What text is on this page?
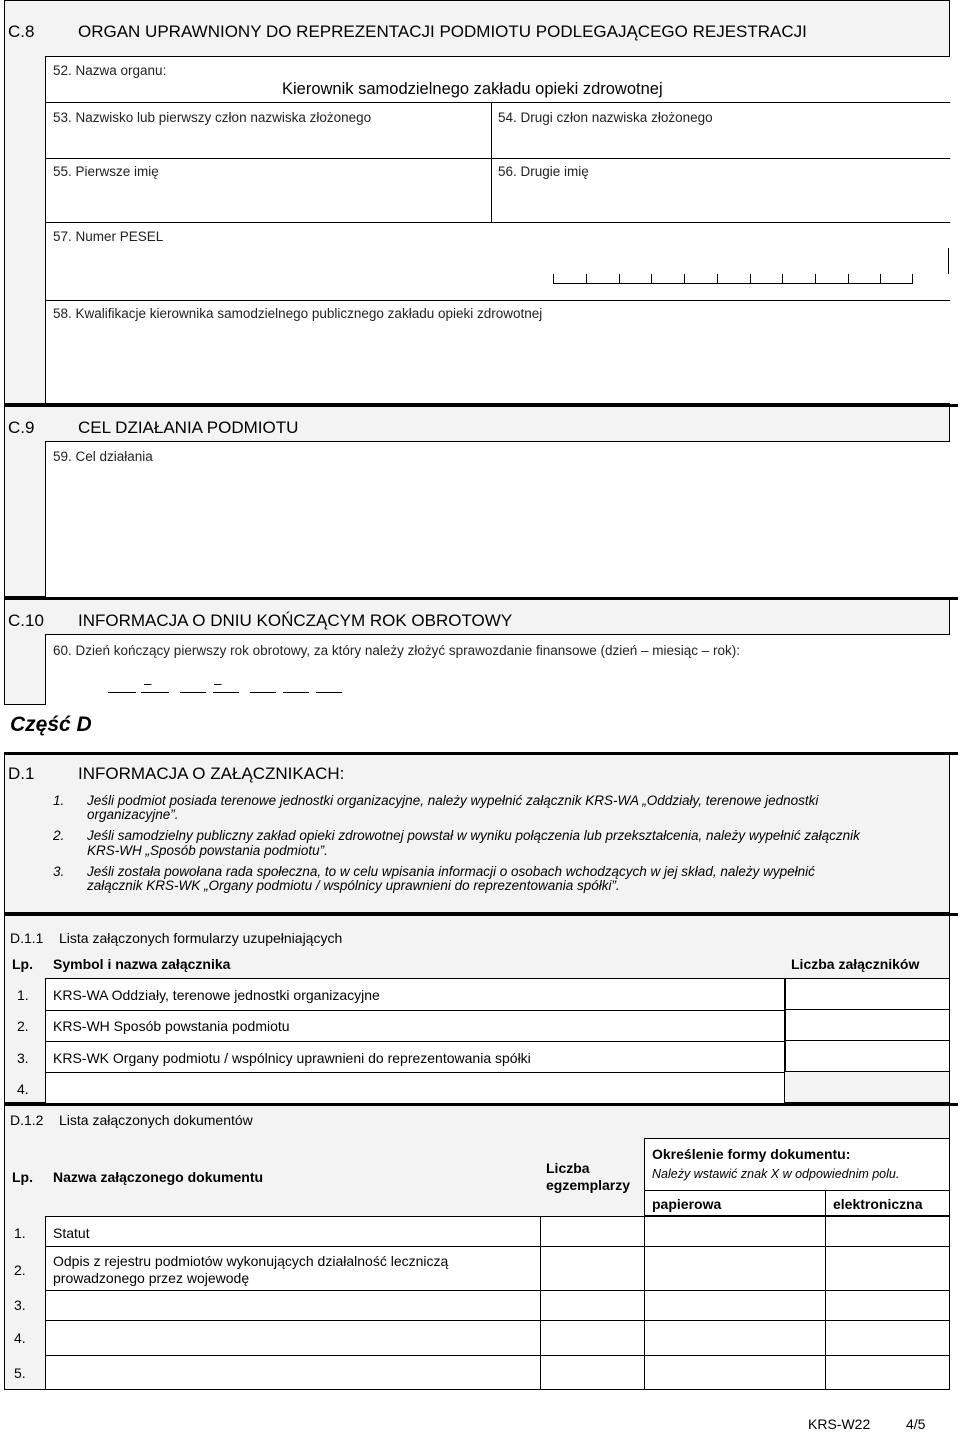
C.8	ORGAN UPRAWNIONY DO REPREZENTACJI PODMIOTU PODLEGAJĄCEGO REJESTRACJI
52. Nazwa organu:
Kierownik samodzielnego zakładu opieki zdrowotnej
53. Nazwisko lub pierwszy człon nazwiska złożonego	54. Drugi człon nazwiska złożonego
55. Pierwsze imię	56. Drugie imię
57. Numer PESEL
58. Kwalifikacje kierownika samodzielnego publicznego zakładu opieki zdrowotnej
C.9	CEL DZIAŁANIA PODMIOTU
59. Cel działania
C.10 INFORMACJA O DNIU KOŃCZĄCYM ROK OBROTOWY
60. Dzień kończący pierwszy rok obrotowy, za który należy złożyć sprawozdanie finansowe (dzień – miesiąc – rok):
–	–
Część D
D.1	INFORMACJA O ZAŁĄCZNIKACH:
1. Jeśli podmiot posiada terenowe jednostki organizacyjne, należy wypełnić załącznik KRS-WA „Oddziały, terenowe jednostki
organizacyjne”.
2. Jeśli samodzielny publiczny zakład opieki zdrowotnej powstał w wyniku połączenia lub przekształcenia, należy wypełnić załącznik
KRS-WH „Sposób powstania podmiotu”.
3. Jeśli została powołana rada społeczna, to w celu wpisania informacji o osobach wchodzących w jej skład, należy wypełnić
załącznik KRS-WK „Organy podmiotu / wspólnicy uprawnieni do reprezentowania spółki”.
D.1.1 Lista załączonych formularzy uzupełniających
Lp. Symbol i nazwa załącznika	Liczba załączników
1. KRS-WA Oddziały, terenowe jednostki organizacyjne
2. KRS-WH Sposób powstania podmiotu
3. KRS-WK Organy podmiotu / wspólnicy uprawnieni do reprezentowania spółki
4.
D.1.2 Lista załączonych dokumentów
Lp. Nazwa załączonego dokumentu
Liczba
egzemplarzy
Określenie formy dokumentu:
Należy wstawić znak X w odpowiednim polu.
papierowa	elektroniczna
1. Statut
2.
Odpis z rejestru podmiotów wykonujących działalność leczniczą
prowadzonego przez wojewodę
3.
4.
5.
KRS-W22	4/5
